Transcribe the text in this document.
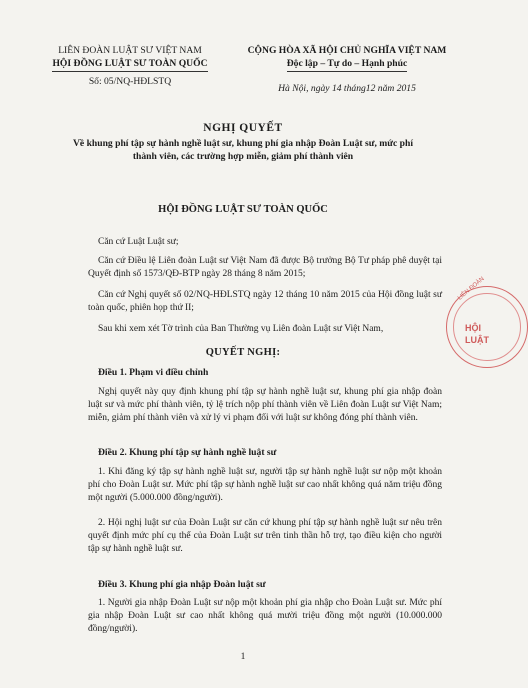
LIÊN ĐOÀN LUẬT SƯ VIỆT NAM
HỘI ĐỒNG LUẬT SƯ TOÀN QUỐC
Số: 05/NQ-HĐLSTQ
CỘNG HÒA XÃ HỘI CHỦ NGHĨA VIỆT NAM
Độc lập – Tự do – Hạnh phúc
Hà Nội, ngày 14 tháng12 năm 2015
NGHỊ QUYẾT
Về khung phí tập sự hành nghề luật sư, khung phí gia nhập Đoàn Luật sư, mức phí thành viên, các trường hợp miễn, giảm phí thành viên
HỘI ĐỒNG LUẬT SƯ TOÀN QUỐC

Căn cứ Luật Luật sư;

Căn cứ Điều lệ Liên đoàn Luật sư Việt Nam đã được Bộ trưởng Bộ Tư pháp phê duyệt tại Quyết định số 1573/QĐ-BTP ngày 28 tháng 8 năm 2015;

Căn cứ Nghị quyết số 02/NQ-HĐLSTQ ngày 12 tháng 10 năm 2015 của Hội đồng luật sư toàn quốc, phiên họp thứ II;

Sau khi xem xét Tờ trình của Ban Thường vụ Liên đoàn Luật sư Việt Nam,

QUYẾT NGHỊ:

Điều 1. Phạm vi điều chỉnh

Nghị quyết này quy định khung phí tập sự hành nghề luật sư, khung phí gia nhập đoàn luật sư và mức phí thành viên, tỷ lệ trích nộp phí thành viên về Liên đoàn Luật sư Việt Nam; miễn, giảm phí thành viên và xử lý vi phạm đối với luật sư không đóng phí thành viên.

Điều 2. Khung phí tập sự hành nghề luật sư

1. Khi đăng ký tập sự hành nghề luật sư, người tập sự hành nghề luật sư nộp một khoản phí cho Đoàn Luật sư. Mức phí tập sự hành nghề luật sư cao nhất không quá năm triệu đồng một người (5.000.000 đồng/người).

2. Hội nghị luật sư của Đoàn Luật sư căn cứ khung phí tập sự hành nghề luật sư nêu trên quyết định mức phí cụ thể của Đoàn Luật sư trên tinh thần hỗ trợ, tạo điều kiện cho người tập sự hành nghề luật sư.

Điều 3. Khung phí gia nhập Đoàn luật sư

1. Người gia nhập Đoàn Luật sư nộp một khoản phí gia nhập cho Đoàn Luật sư. Mức phí gia nhập Đoàn Luật sư cao nhất không quá mười triệu đồng một người (10.000.000 đồng/người).

1
LIÊN ĐOÀN
HỘI
LUẬT
